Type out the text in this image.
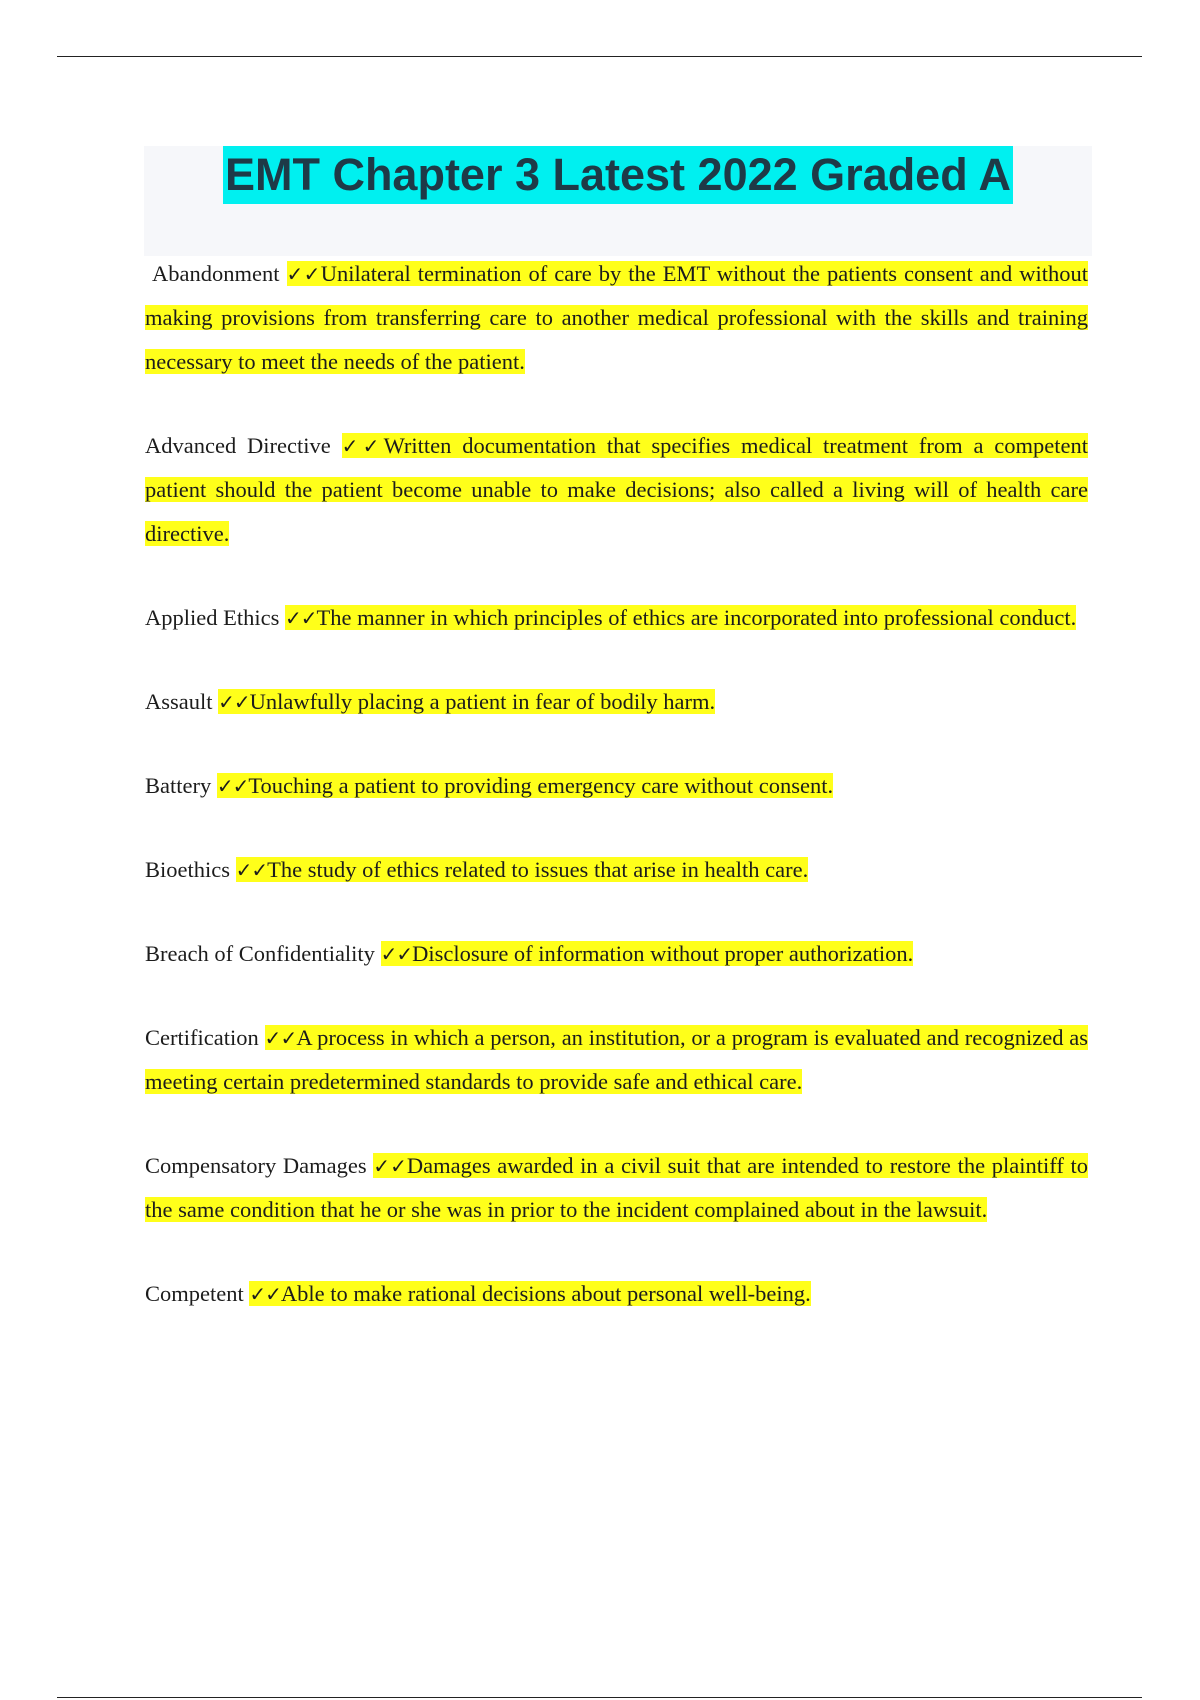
EMT Chapter 3 Latest 2022 Graded A

Abandonment ✓✓Unilateral termination of care by the EMT without the patients consent and without making provisions from transferring care to another medical professional with the skills and training necessary to meet the needs of the patient.

Advanced Directive ✓✓Written documentation that specifies medical treatment from a competent patient should the patient become unable to make decisions; also called a living will of health care directive.

Applied Ethics ✓✓The manner in which principles of ethics are incorporated into professional conduct.

Assault ✓✓Unlawfully placing a patient in fear of bodily harm.

Battery ✓✓Touching a patient to providing emergency care without consent.

Bioethics ✓✓The study of ethics related to issues that arise in health care.

Breach of Confidentiality ✓✓Disclosure of information without proper authorization.

Certification ✓✓A process in which a person, an institution, or a program is evaluated and recognized as meeting certain predetermined standards to provide safe and ethical care.

Compensatory Damages ✓✓Damages awarded in a civil suit that are intended to restore the plaintiff to the same condition that he or she was in prior to the incident complained about in the lawsuit.

Competent ✓✓Able to make rational decisions about personal well-being.
